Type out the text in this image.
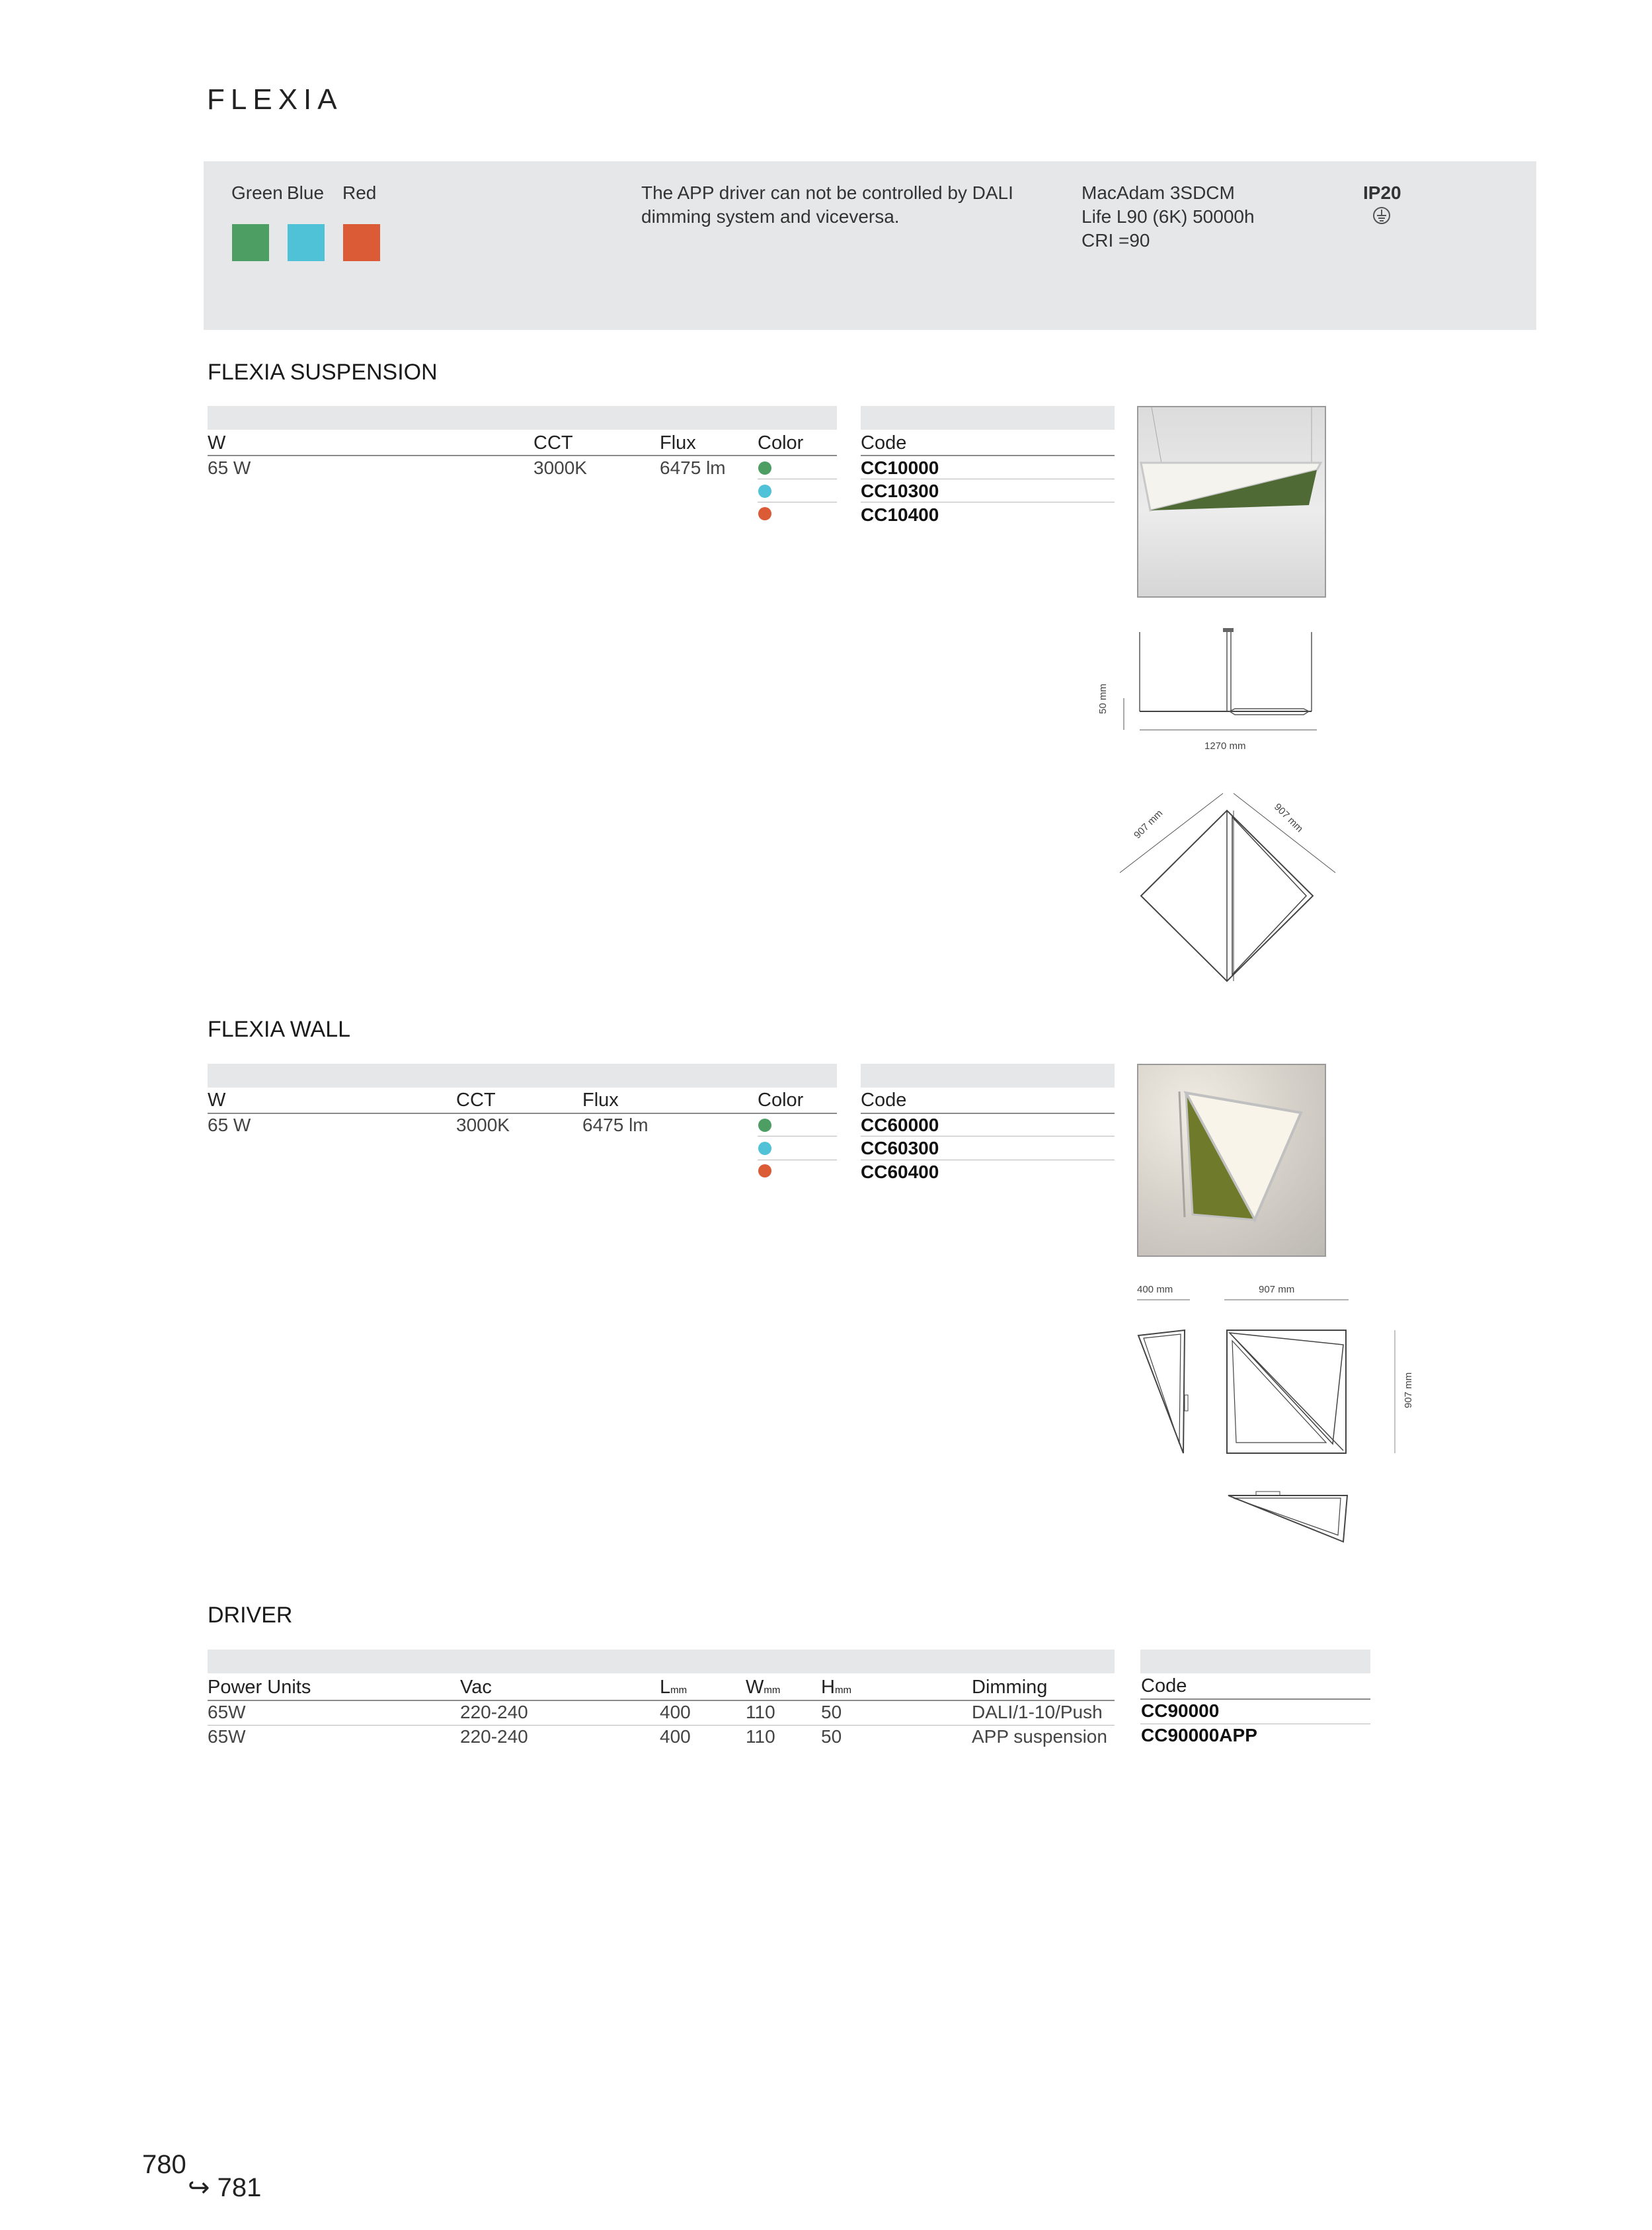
FLEXIA
Green Blue Red	The APP driver can not be controlled by DALI
dimming system and viceversa.
MacAdam 3SDCM
Life L90 (6K) 50000h
CRI =90
IP20
FLEXIA SUSPENSION
W	CCT	Flux	Color	Code
65 W	3000K	6475 lm	CC10000
CC10300
CC10400
50 mm
1270 mm
907 mm	907 mm
FLEXIA WALL
W	CCT	Flux	Color	Code
65 W	3000K	6475 lm	CC60000
CC60300
CC60400
400 mm	907 mm
907 mm
DRIVER
Power Units	Vac	Lmm	Wmm Hmm	Dimming	Code
65W	220-240	400	110 50	DALI/1-10/Push CC90000
65W	220-240	400	110 50	APP suspension CC90000APP
780
↪ 781
